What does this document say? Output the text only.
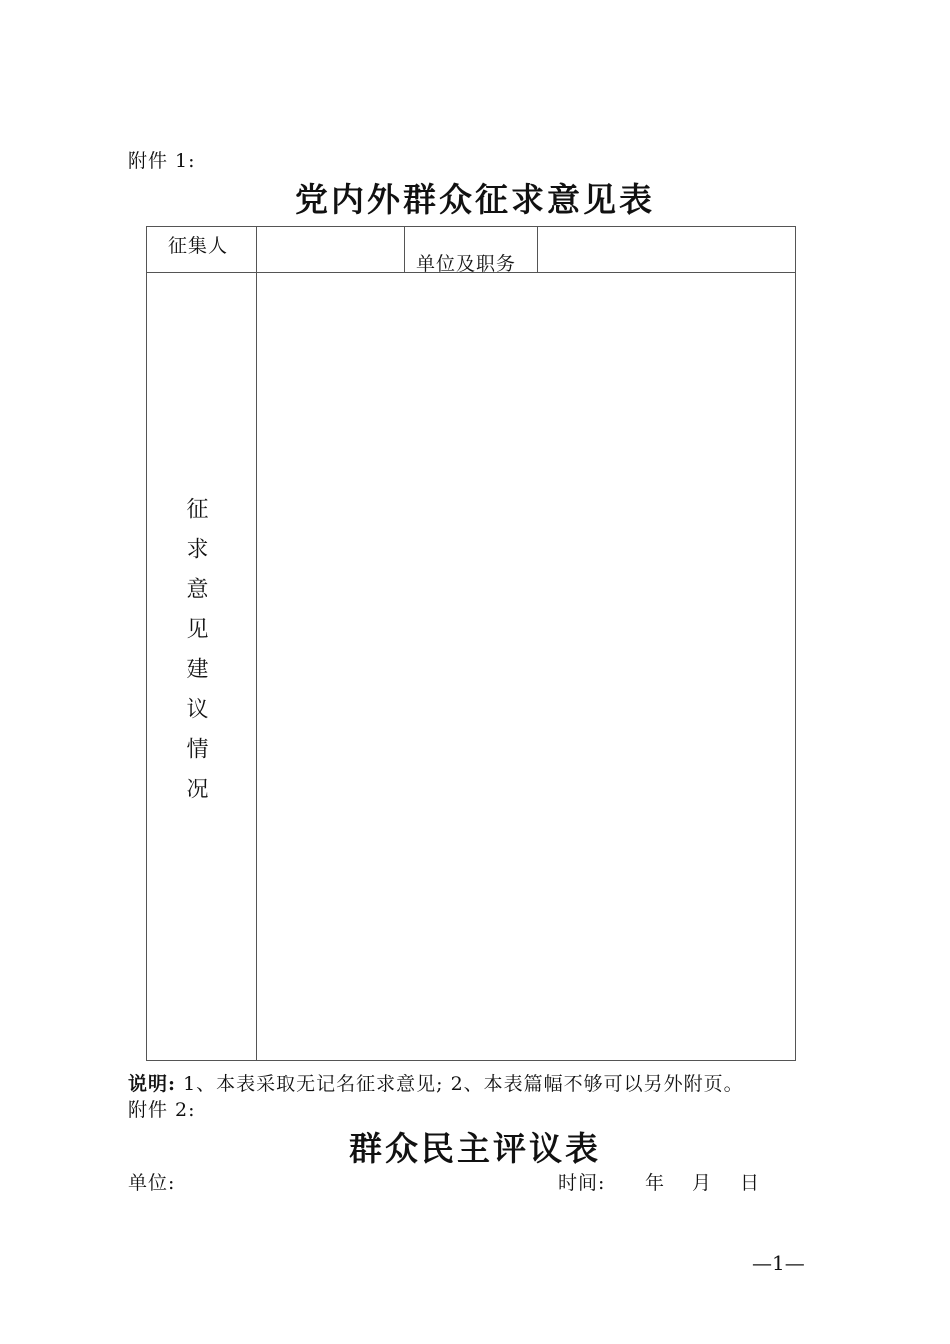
附件 1:
党内外群众征求意见表
征集人
单位及职务
征求意见建议情况
说明: 1、本表采取无记名征求意见; 2、本表篇幅不够可以另外附页。
附件 2:
群众民主评议表
单位:	时间: 年 月 日
—1—
